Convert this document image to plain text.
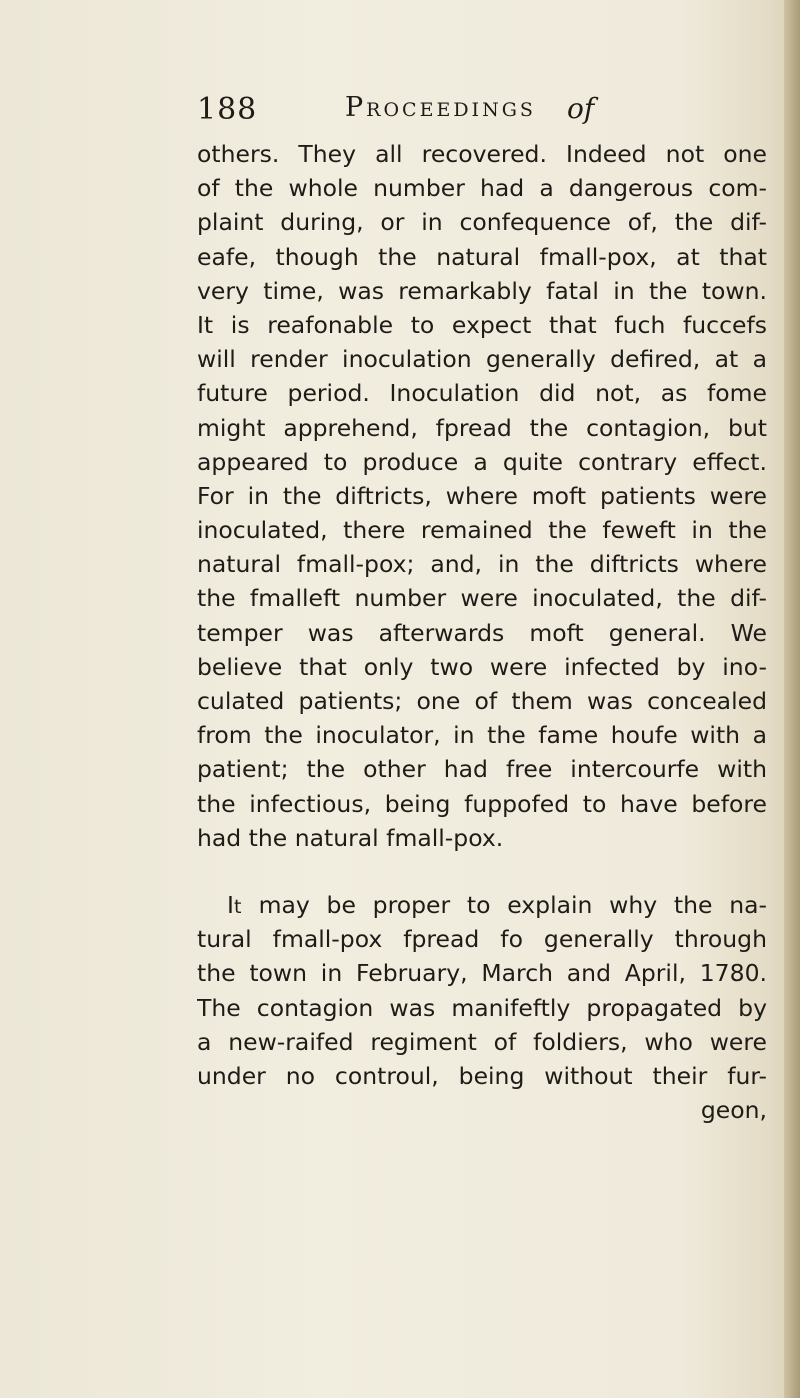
188	Proceedings of
others. They all recovered. Indeed not one
of the whole number had a dangerous com-
plaint during, or in confequence of, the dif-
eafe, though the natural fmall-pox, at that
very time, was remarkably fatal in the town.
It is reafonable to expect that fuch fuccefs
will render inoculation generally defired, at a
future period. Inoculation did not, as fome
might apprehend, fpread the contagion, but
appeared to produce a quite contrary effect.
For in the diftricts, where moft patients were
inoculated, there remained the feweft in the
natural fmall-pox; and, in the diftricts where
the fmalleft number were inoculated, the dif-
temper was afterwards moft general. We
believe that only two were infected by ino-
culated patients; one of them was concealed
from the inoculator, in the fame houfe with a
patient; the other had free intercourfe with
the infectious, being fuppofed to have before
had the natural fmall-pox.
It may be proper to explain why the na-
tural fmall-pox fpread fo generally through
the town in February, March and April, 1780.
The contagion was manifeftly propagated by
a new-raifed regiment of foldiers, who were
under no controul, being without their fur-
geon,
